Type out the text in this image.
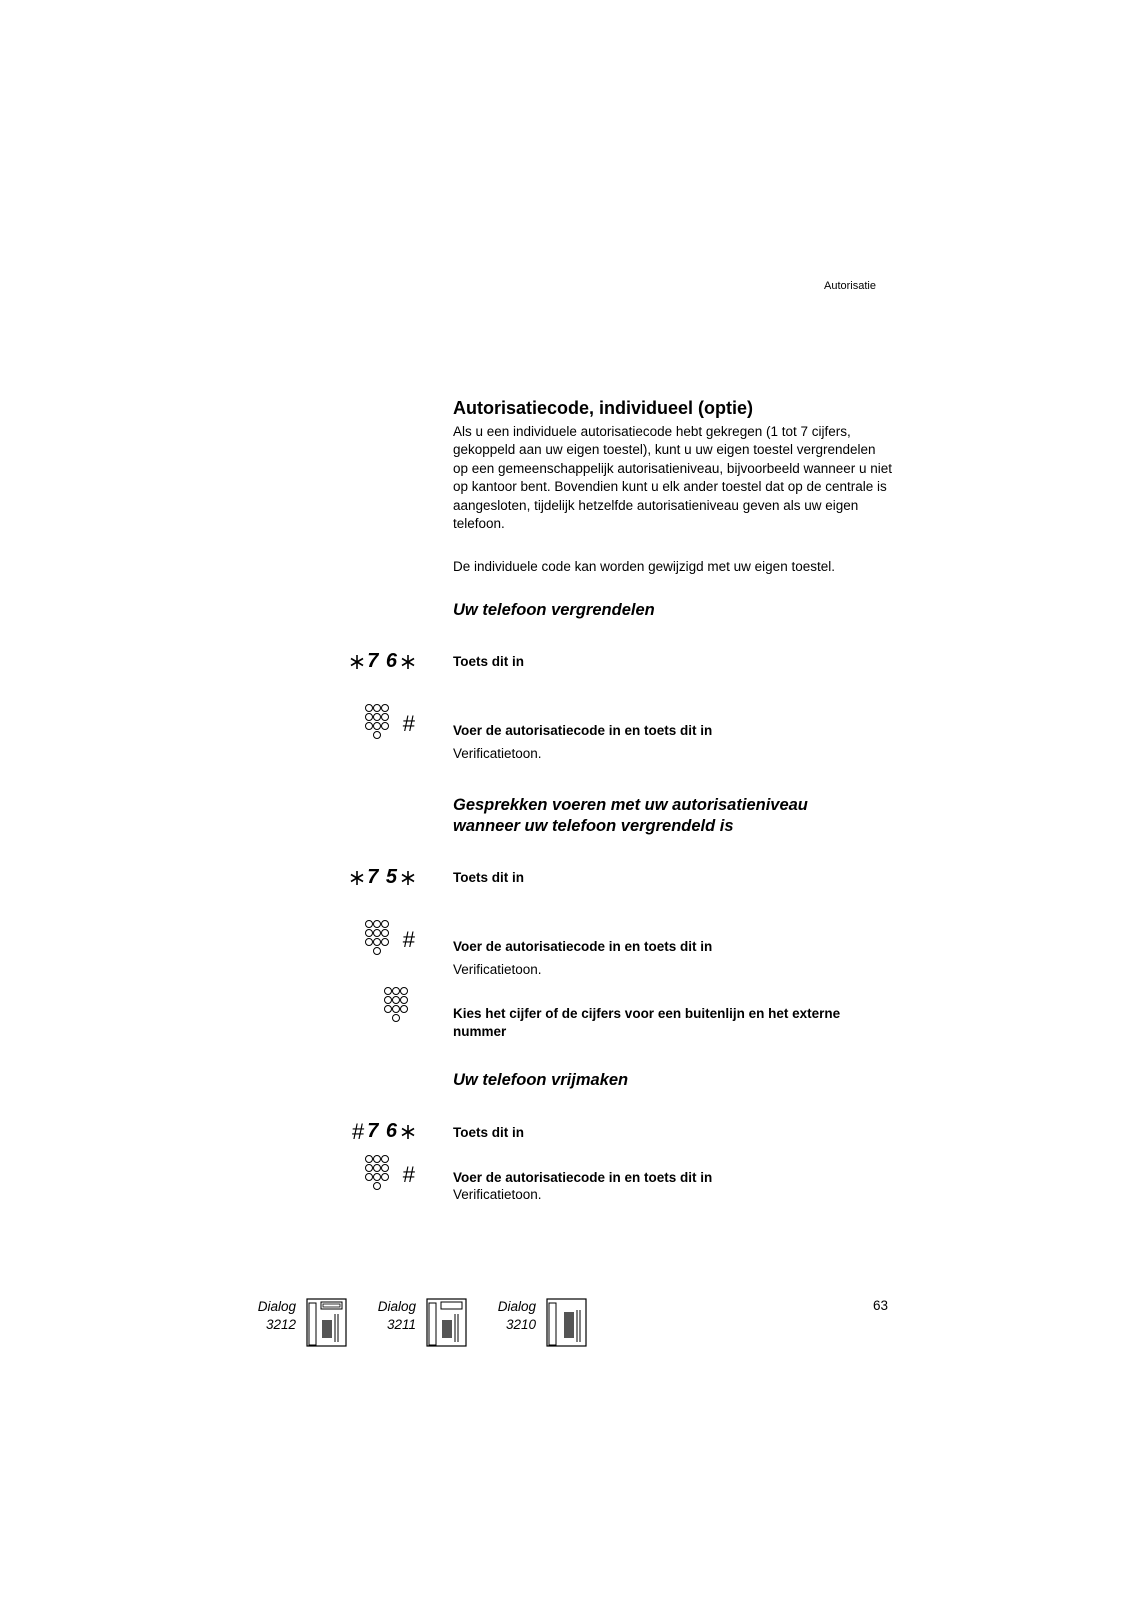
Autorisatie
Autorisatiecode, individueel (optie)

Als u een individuele autorisatiecode hebt gekregen (1 tot 7 cijfers, gekoppeld aan uw eigen toestel), kunt u uw eigen toestel vergrendelen op een gemeenschappelijk autorisatieniveau, bijvoorbeeld wanneer u niet op kantoor bent. Bovendien kunt u elk ander toestel dat op de centrale is aangesloten, tijdelijk hetzelfde autorisatieniveau geven als uw eigen telefoon.

De individuele code kan worden gewijzigd met uw eigen toestel.

Uw telefoon vergrendelen
7 6	Toets dit in
#	Voer de autorisatiecode in en toets dit in
Verificatietoon.
Gesprekken voeren met uw autorisatieniveau wanneer uw telefoon vergrendeld is
7 5	Toets dit in
#	Voer de autorisatiecode in en toets dit in
Verificatietoon.
Kies het cijfer of de cijfers voor een buitenlijn en het externe nummer
Uw telefoon vrijmaken
# 7 6	Toets dit in
#	Voer de autorisatiecode in en toets dit in
Verificatietoon.
Dialog
3212
Dialog
3211
Dialog
3210
63
